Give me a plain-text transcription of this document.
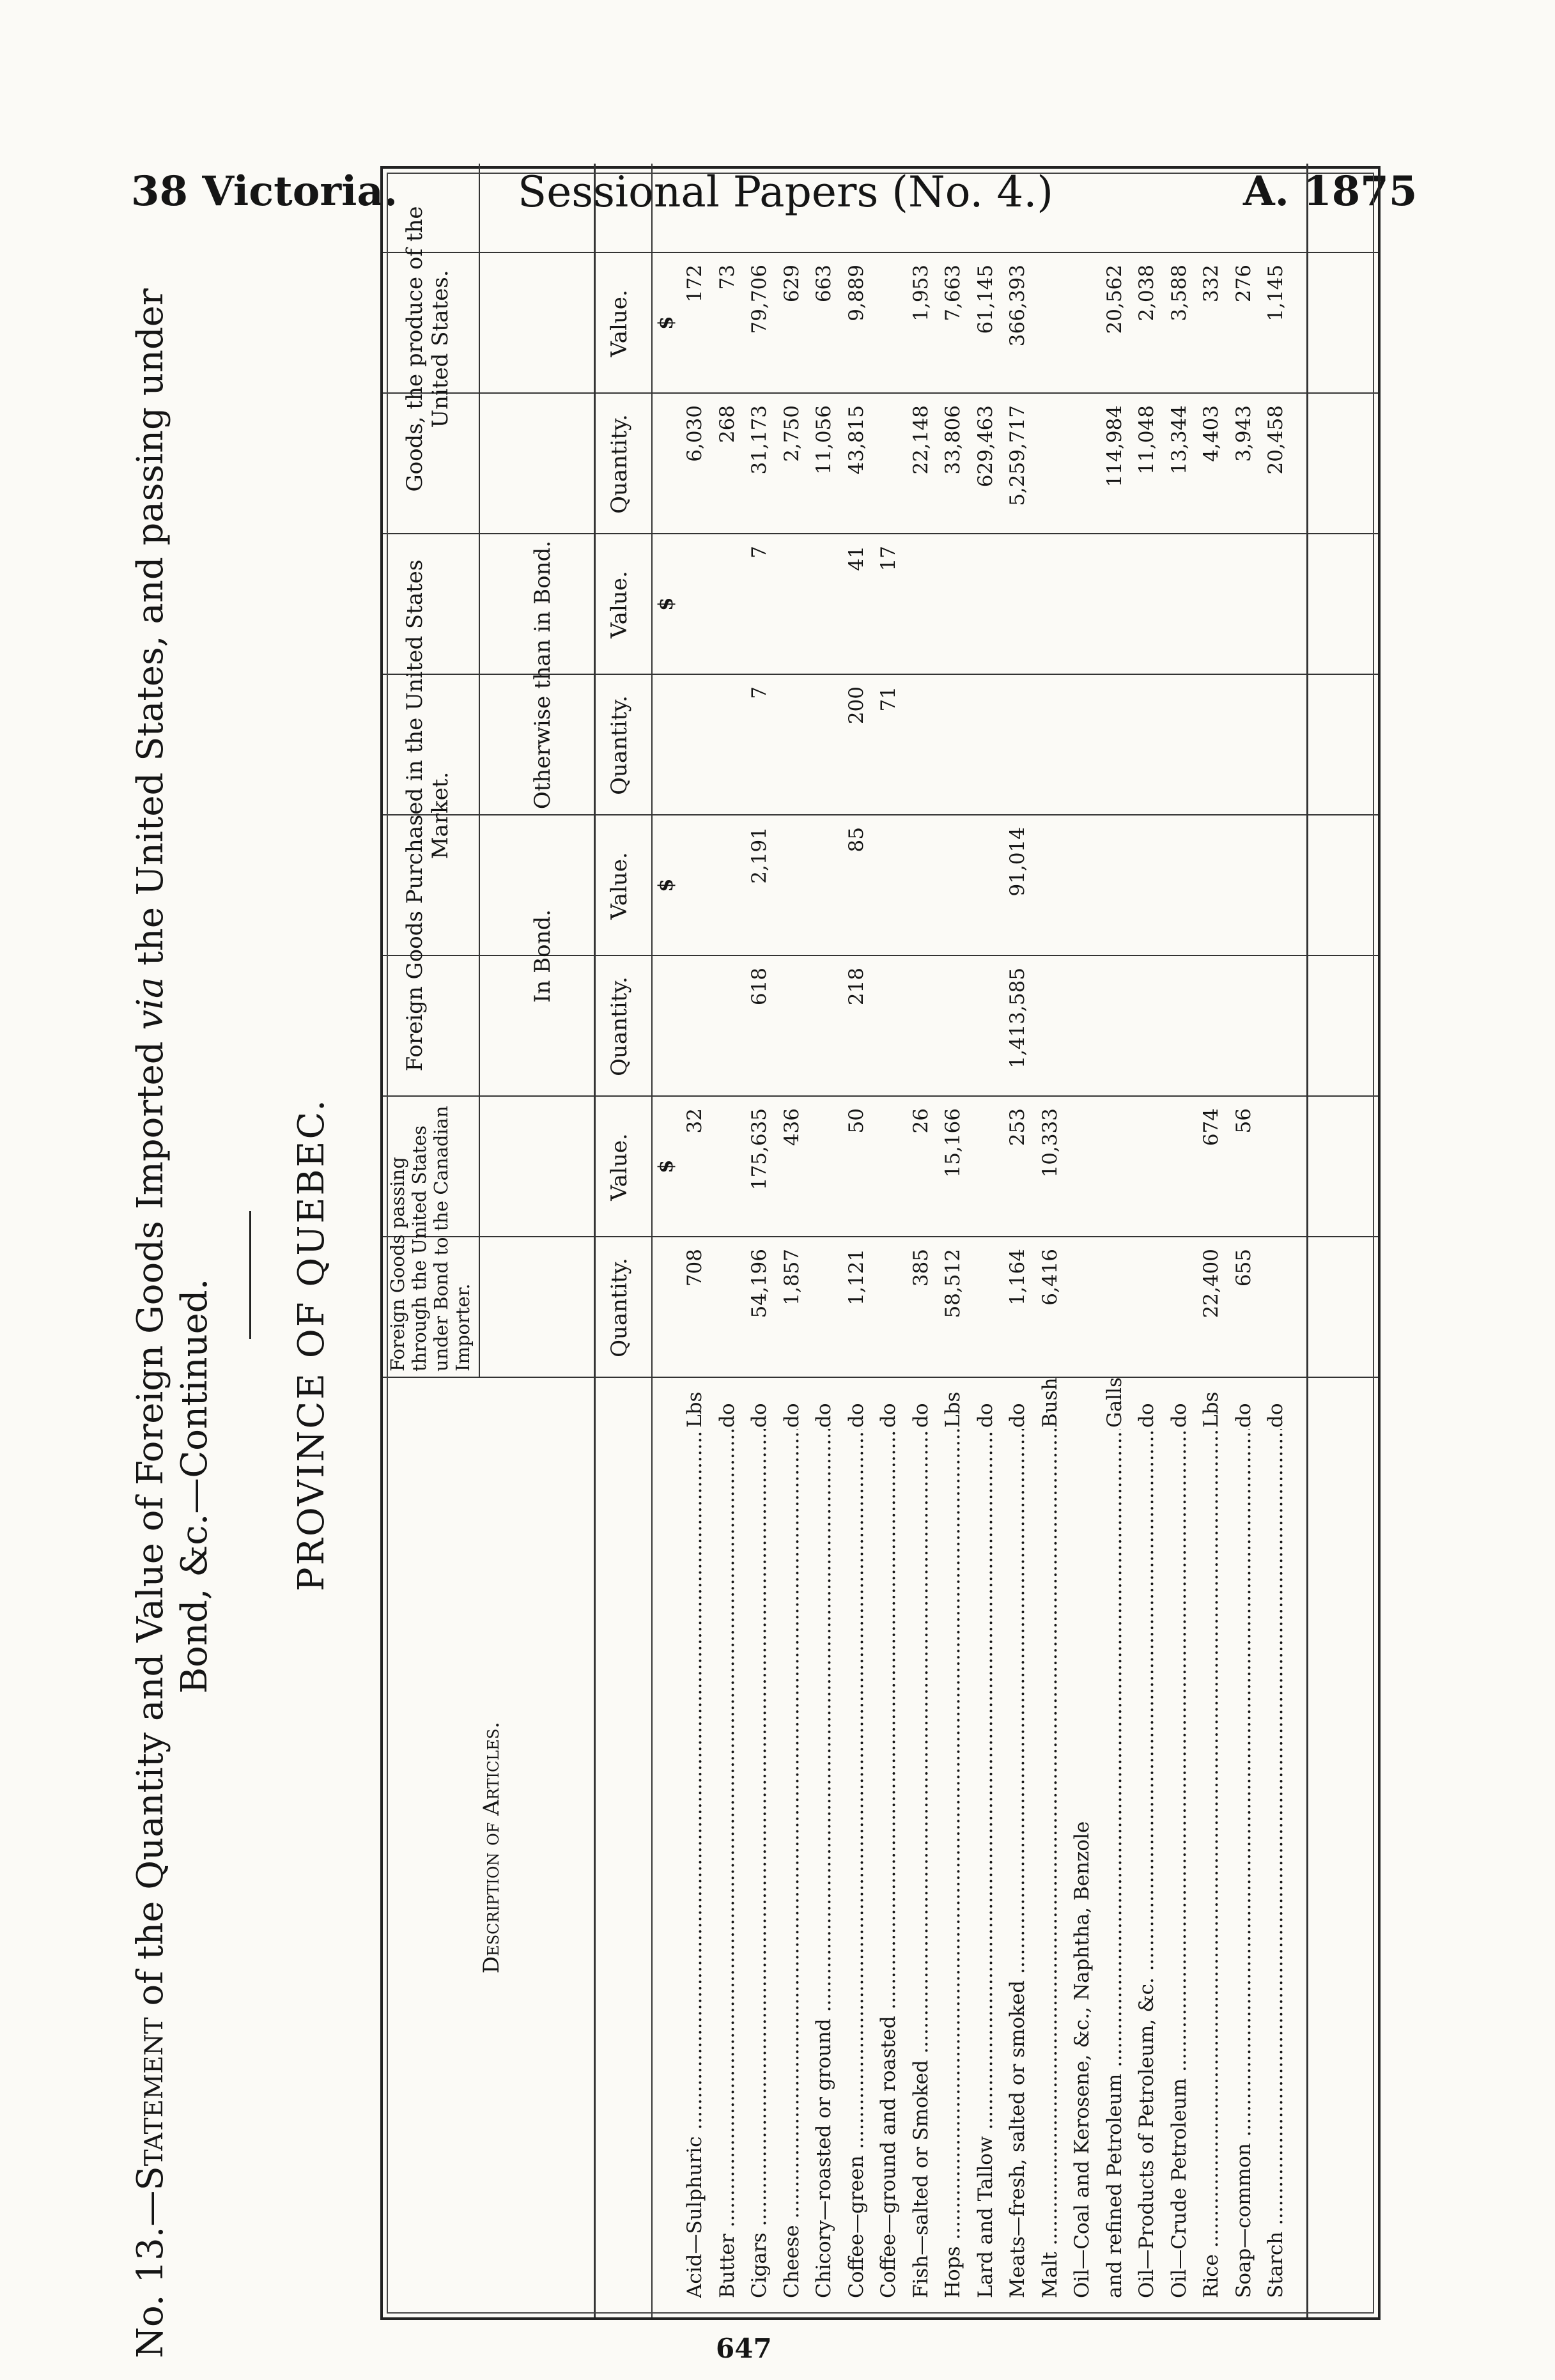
38 Victoria.	Sessional Papers (No. 4.)	A. 1875
No. 13.—Statement of the Quantity and Value of Foreign Goods Imported via the United States, and passing under
Bond, &c.—Continued. PROVINCE OF QUEBEC.
Description of Articles.
Foreign Goods passing through the United States under Bond to the Canadian Importer.
Foreign Goods Purchased in the United States Market.
In Bond.
Otherwise than in Bond.
Goods, the produce of the United States.
Quantity.
Value. $
Quantity.
Value. $
Quantity.
Value. $
Quantity.
Value. $
Acid—Sulphuric .....
Lbs
708
32
6,030
172
Butter .....
do
268
73
Cigars .....
do
54,196
175,635
618
2,191
7
7
31,173
79,706
Cheese .....
do
1,857
436
2,750
629
Chicory—roasted or ground .....
do
11,056
663
Coffee—green .....
do
1,121
50
218
85
200
41
43,815
9,889
Coffee—ground and roasted .....
do
71
17
Fish—salted or Smoked .....
do
385
26
22,148
1,953
Hops .....
Lbs
58,512
15,166
33,806
7,663
Lard and Tallow .....
do
629,463
61,145
Meats—fresh, salted or smoked .....
do
1,164
253
1,413,585
91,014
5,259,717
366,393
Malt .....
Bush
6,416
10,333
Oil—Coal and Kerosene, &c., Naphtha, Benzole and refined Petroleum .....
Galls
114,984
20,562
Oil—Products of Petroleum, &c. .....
do
11,048
2,038
Oil—Crude Petroleum .....
do
13,344
3,588
Rice .....
Lbs
22,400
674
4,403
332
Soap—common .....
do
655
56
3,943
276
Starch .....
do
20,458
1,145
647
